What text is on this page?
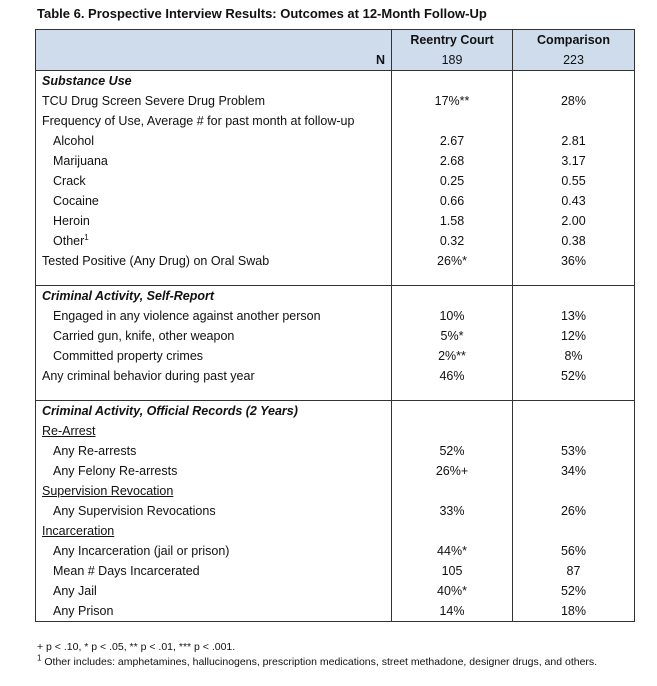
Table 6. Prospective Interview Results: Outcomes at 12-Month Follow-Up
	Reentry Court	Comparison
N	189	223
Substance Use		
TCU Drug Screen Severe Drug Problem	17%**	28%
Frequency of Use, Average # for past month at follow-up		
Alcohol	2.67	2.81
Marijuana	2.68	3.17
Crack	0.25	0.55
Cocaine	0.66	0.43
Heroin	1.58	2.00
Other$^1$	0.32	0.38
Tested Positive (Any Drug) on Oral Swab	26%*	36%

Criminal Activity, Self-Report		
Engaged in any violence against another person	10%	13%
Carried gun, knife, other weapon	5%*	12%
Committed property crimes	2%**	8%
Any criminal behavior during past year	46%	52%

Criminal Activity, Official Records (2 Years)		
Re-Arrest		
Any Re-arrests	52%	53%
Any Felony Re-arrests	26%+	34%
Supervision Revocation		
Any Supervision Revocations	33%	26%
Incarceration		
Any Incarceration (jail or prison)	44%*	56%
Mean # Days Incarcerated	105	87
Any Jail	40%*	52%
Any Prison	14%	18%
+ p < .10, * p < .05, ** p < .01, *** p < .001.
$^1$ Other includes: amphetamines, hallucinogens, prescription medications, street methadone, designer drugs, and others.
